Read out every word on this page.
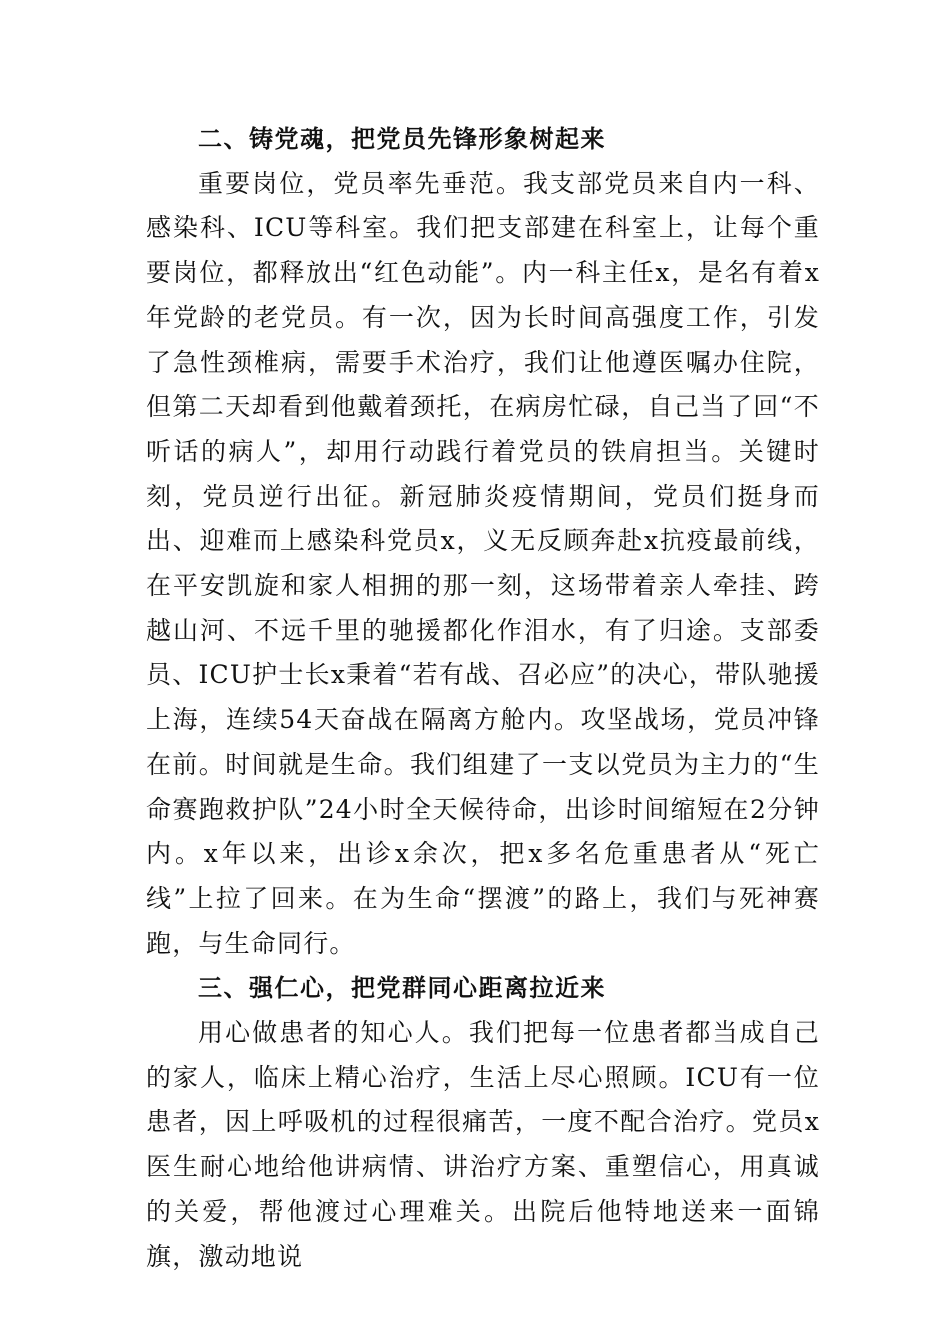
二、铸党魂，把党员先锋形象树起来

重要岗位，党员率先垂范。我支部党员来自内一科、感染科、ICU等科室。我们把支部建在科室上，让每个重要岗位，都释放出“红色动能”。内一科主任x，是名有着x年党龄的老党员。有一次，因为长时间高强度工作，引发了急性颈椎病，需要手术治疗，我们让他遵医嘱办住院，但第二天却看到他戴着颈托，在病房忙碌，自己当了回“不听话的病人”，却用行动践行着党员的铁肩担当。关键时刻，党员逆行出征。新冠肺炎疫情期间，党员们挺身而出、迎难而上感染科党员x，义无反顾奔赴x抗疫最前线，在平安凯旋和家人相拥的那一刻，这场带着亲人牵挂、跨越山河、不远千里的驰援都化作泪水，有了归途。支部委员、ICU护士长x秉着“若有战、召必应”的决心，带队驰援上海，连续54天奋战在隔离方舱内。攻坚战场，党员冲锋在前。时间就是生命。我们组建了一支以党员为主力的“生命赛跑救护队”24小时全天候待命，出诊时间缩短在2分钟内。x年以来，出诊x余次，把x多名危重患者从“死亡线”上拉了回来。在为生命“摆渡”的路上，我们与死神赛跑，与生命同行。

三、强仁心，把党群同心距离拉近来

用心做患者的知心人。我们把每一位患者都当成自己的家人，临床上精心治疗，生活上尽心照顾。ICU有一位患者，因上呼吸机的过程很痛苦，一度不配合治疗。党员x医生耐心地给他讲病情、讲治疗方案、重塑信心，用真诚的关爱，帮他渡过心理难关。出院后他特地送来一面锦旗，激动地说
